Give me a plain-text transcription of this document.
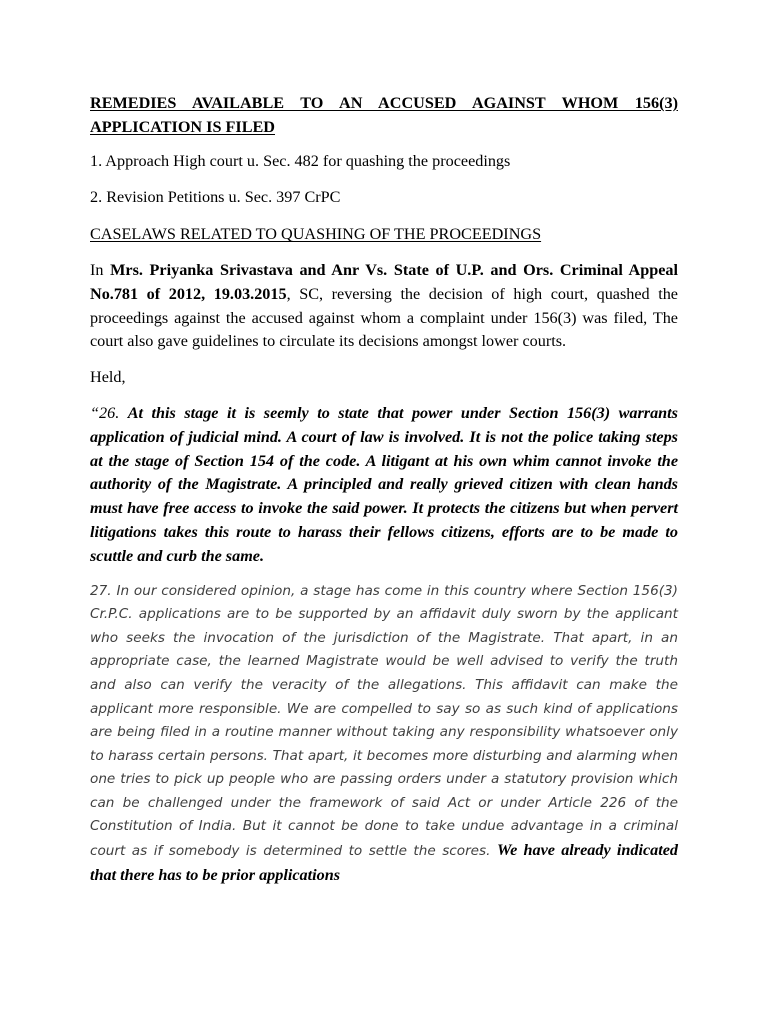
REMEDIES AVAILABLE TO AN ACCUSED AGAINST WHOM 156(3) APPLICATION IS FILED

1. Approach High court u. Sec. 482 for quashing the proceedings

2. Revision Petitions u. Sec. 397 CrPC

CASELAWS RELATED TO QUASHING OF THE PROCEEDINGS

In Mrs. Priyanka Srivastava and Anr Vs. State of U.P. and Ors. Criminal Appeal No.781 of 2012, 19.03.2015, SC, reversing the decision of high court, quashed the proceedings against the accused against whom a complaint under 156(3) was filed, The court also gave guidelines to circulate its decisions amongst lower courts.

Held,

“26. At this stage it is seemly to state that power under Section 156(3) warrants application of judicial mind. A court of law is involved. It is not the police taking steps at the stage of Section 154 of the code. A litigant at his own whim cannot invoke the authority of the Magistrate. A principled and really grieved citizen with clean hands must have free access to invoke the said power. It protects the citizens but when pervert litigations takes this route to harass their fellows citizens, efforts are to be made to scuttle and curb the same.

27. In our considered opinion, a stage has come in this country where Section 156(3) Cr.P.C. applications are to be supported by an affidavit duly sworn by the applicant who seeks the invocation of the jurisdiction of the Magistrate. That apart, in an appropriate case, the learned Magistrate would be well advised to verify the truth and also can verify the veracity of the allegations. This affidavit can make the applicant more responsible. We are compelled to say so as such kind of applications are being filed in a routine manner without taking any responsibility whatsoever only to harass certain persons. That apart, it becomes more disturbing and alarming when one tries to pick up people who are passing orders under a statutory provision which can be challenged under the framework of said Act or under Article 226 of the Constitution of India. But it cannot be done to take undue advantage in a criminal court as if somebody is determined to settle the scores. We have already indicated that there has to be prior applications
